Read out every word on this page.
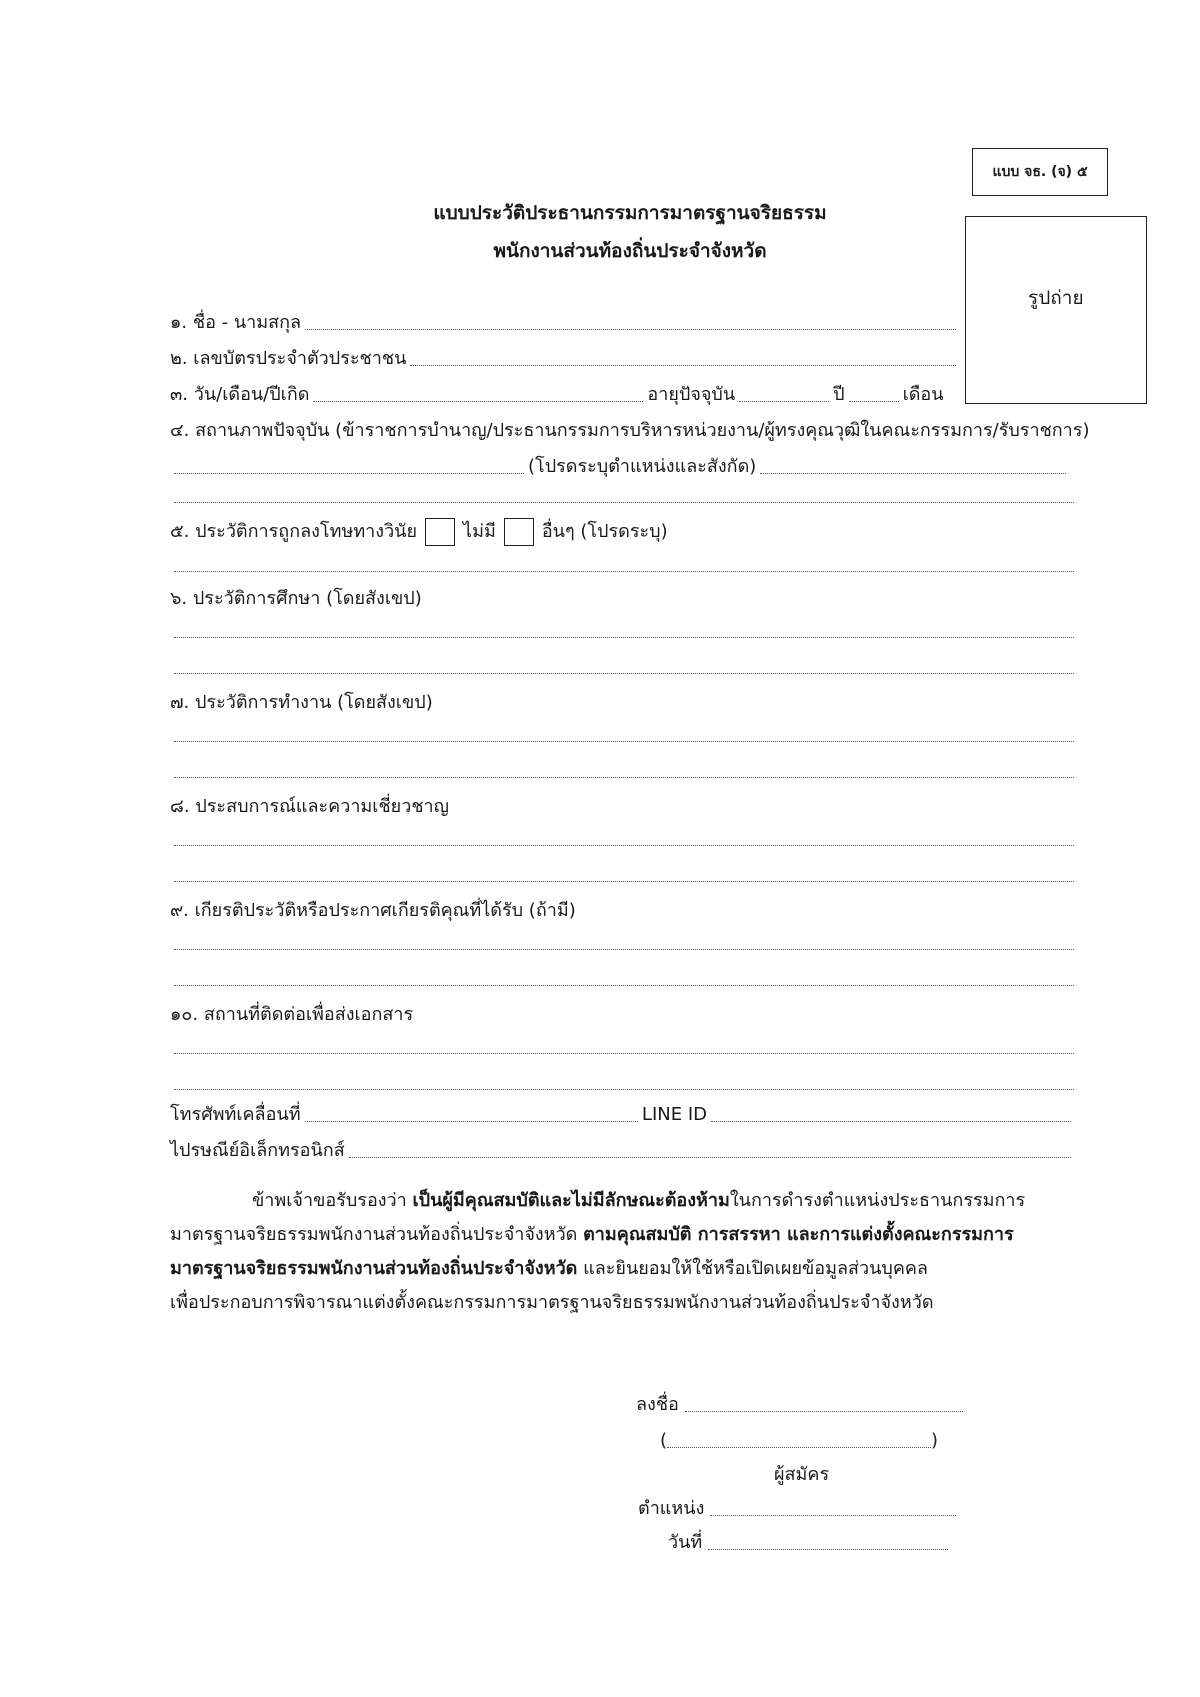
แบบ จธ. (จ) ๕
รูปถ่าย
แบบประวัติประธานกรรมการมาตรฐานจริยธรรม
พนักงานส่วนท้องถิ่นประจำจังหวัด
๑. ชื่อ - นามสกุล
๒. เลขบัตรประจำตัวประชาชน
๓. วัน/เดือน/ปีเกิด	อายุปัจจุบัน	ปี	เดือน
๔. สถานภาพปัจจุบัน (ข้าราชการบำนาญ/ประธานกรรมการบริหารหน่วยงาน/ผู้ทรงคุณวุฒิในคณะกรรมการ/รับราชการ)
(โปรดระบุตำแหน่งและสังกัด)
๕. ประวัติการถูกลงโทษทางวินัย	ไม่มี	อื่นๆ (โปรดระบุ)
๖. ประวัติการศึกษา (โดยสังเขป)
๗. ประวัติการทำงาน (โดยสังเขป)
๘. ประสบการณ์และความเชี่ยวชาญ
๙. เกียรติประวัติหรือประกาศเกียรติคุณที่ได้รับ (ถ้ามี)
๑๐. สถานที่ติดต่อเพื่อส่งเอกสาร
โทรศัพท์เคลื่อนที่	LINE ID
ไปรษณีย์อิเล็กทรอนิกส์

ข้าพเจ้าขอรับรองว่า เป็นผู้มีคุณสมบัติและไม่มีลักษณะต้องห้ามในการดำรงตำแหน่งประธานกรรมการ

มาตรฐานจริยธรรมพนักงานส่วนท้องถิ่นประจำจังหวัด ตามคุณสมบัติ การสรรหา และการแต่งตั้งคณะกรรมการ

มาตรฐานจริยธรรมพนักงานส่วนท้องถิ่นประจำจังหวัด และยินยอมให้ใช้หรือเปิดเผยข้อมูลส่วนบุคคล

เพื่อประกอบการพิจารณาแต่งตั้งคณะกรรมการมาตรฐานจริยธรรมพนักงานส่วนท้องถิ่นประจำจังหวัด

ลงชื่อ
(	)
ผู้สมัคร
ตำแหน่ง
วันที่
